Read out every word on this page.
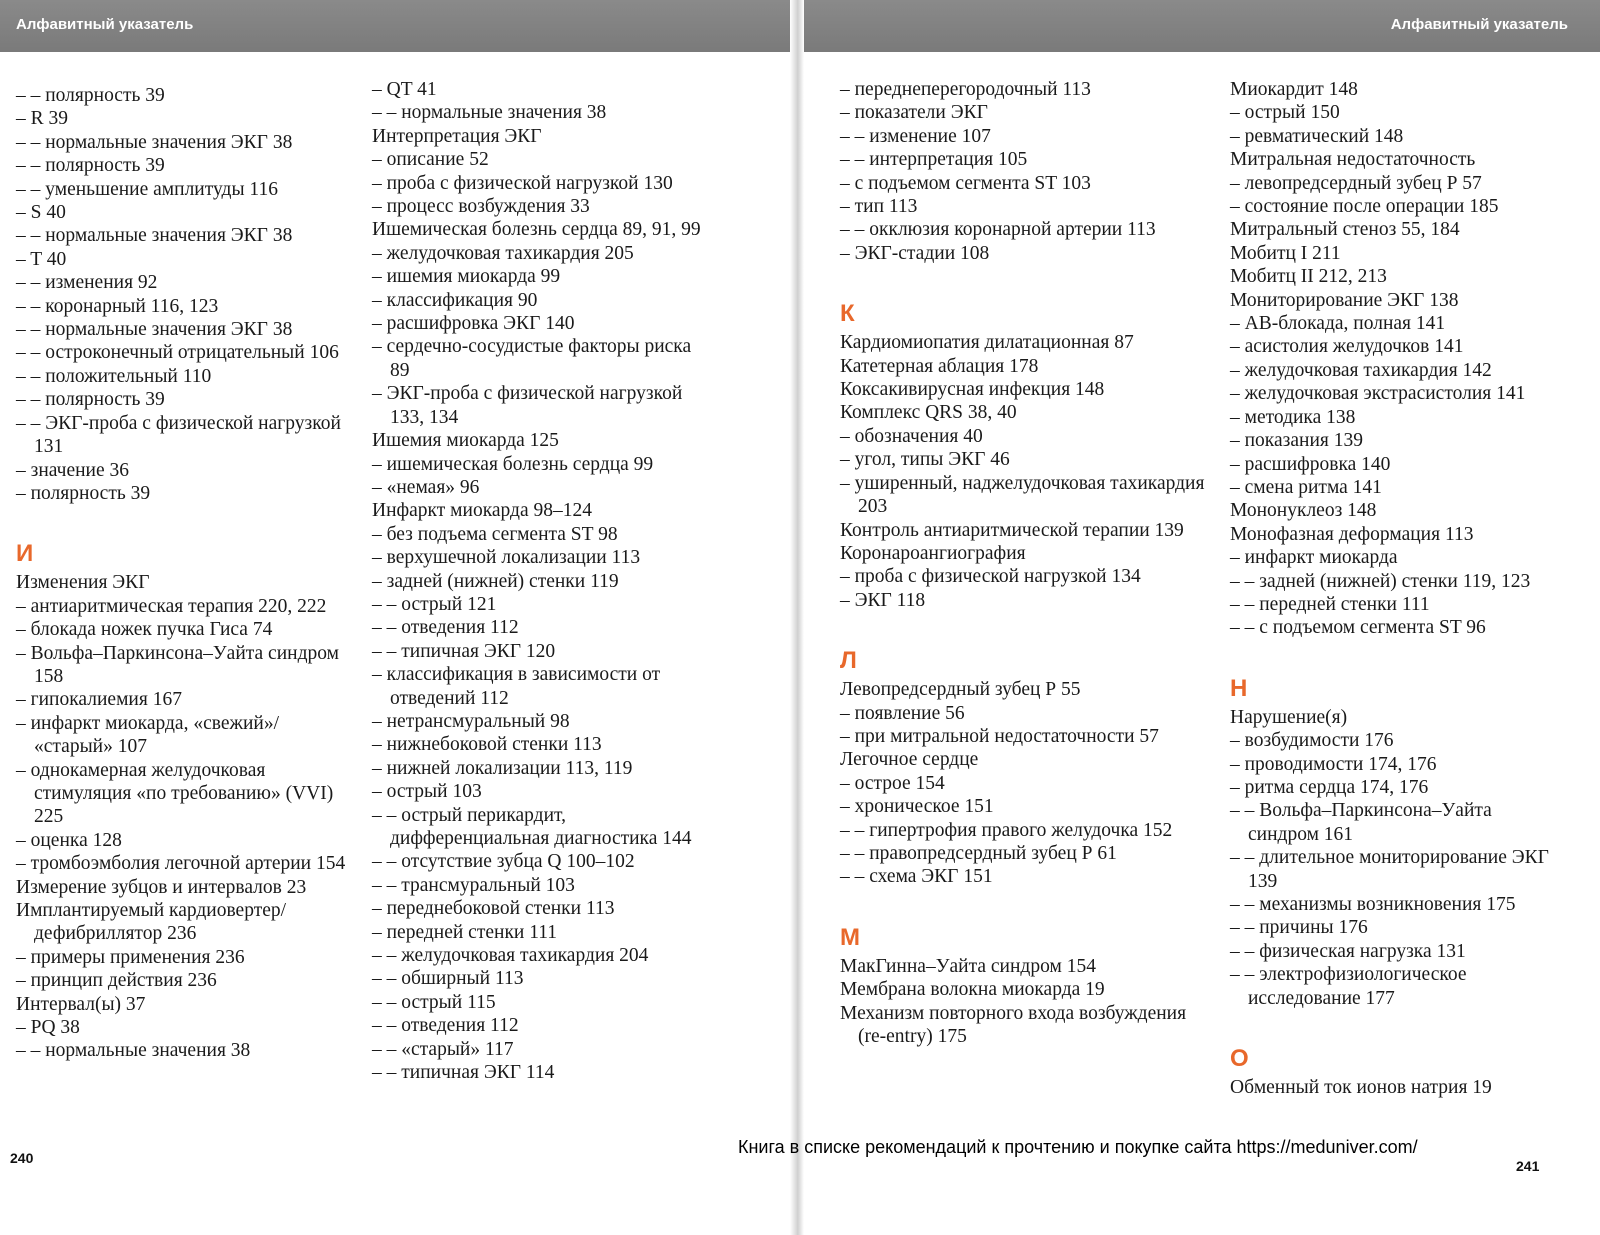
Алфавитный указатель	Алфавитный указатель
– – полярность 39
– R 39
– – нормальные значения ЭКГ 38
– – полярность 39
– – уменьшение амплитуды 116
– S 40
– – нормальные значения ЭКГ 38
– T 40
– – изменения 92
– – коронарный 116, 123
– – нормальные значения ЭКГ 38
– – остроконечный отрицательный 106
– – положительный 110
– – полярность 39
– – ЭКГ-проба с физической нагрузкой 131
– значение 36
– полярность 39
И
Изменения ЭКГ
– антиаритмическая терапия 220, 222
– блокада ножек пучка Гиса 74
– Вольфа–Паркинсона–Уайта синдром 158
– гипокалиемия 167
– инфаркт миокарда, «свежий»/ «старый» 107
– однокамерная желудочковая стимуляция «по требованию» (VVI) 225
– оценка 128
– тромбоэмболия легочной артерии 154
Измерение зубцов и интервалов 23
Имплантируемый кардиовертер/ дефибриллятор 236
– примеры применения 236
– принцип действия 236
Интервал(ы) 37
– PQ 38
– – нормальные значения 38
– QT 41
– – нормальные значения 38
Интерпретация ЭКГ
– описание 52
– проба с физической нагрузкой 130
– процесс возбуждения 33
Ишемическая болезнь сердца 89, 91, 99
– желудочковая тахикардия 205
– ишемия миокарда 99
– классификация 90
– расшифровка ЭКГ 140
– сердечно-сосудистые факторы риска 89
– ЭКГ-проба с физической нагрузкой 133, 134
Ишемия миокарда 125
– ишемическая болезнь сердца 99
– «немая» 96
Инфаркт миокарда 98–124
– без подъема сегмента ST 98
– верхушечной локализации 113
– задней (нижней) стенки 119
– – острый 121
– – отведения 112
– – типичная ЭКГ 120
– классификация в зависимости от отведений 112
– нетрансмуральный 98
– нижнебоковой стенки 113
– нижней локализации 113, 119
– острый 103
– – острый перикардит, дифференциальная диагностика 144
– – отсутствие зубца Q 100–102
– – трансмуральный 103
– переднебоковой стенки 113
– передней стенки 111
– – желудочковая тахикардия 204
– – обширный 113
– – острый 115
– – отведения 112
– – «старый» 117
– – типичная ЭКГ 114
– переднеперегородочный 113
– показатели ЭКГ
– – изменение 107
– – интерпретация 105
– с подъемом сегмента ST 103
– тип 113
– – окклюзия коронарной артерии 113
– ЭКГ-стадии 108
К
Кардиомиопатия дилатационная 87
Катетерная аблация 178
Коксакивирусная инфекция 148
Комплекс QRS 38, 40
– обозначения 40
– угол, типы ЭКГ 46
– уширенный, наджелудочковая тахикардия 203
Контроль антиаритмической терапии 139
Коронароангиография
– проба с физической нагрузкой 134
– ЭКГ 118
Л
Левопредсердный зубец Р 55
– появление 56
– при митральной недостаточности 57
Легочное сердце
– острое 154
– хроническое 151
– – гипертрофия правого желудочка 152
– – правопредсердный зубец Р 61
– – схема ЭКГ 151
М
МакГинна–Уайта синдром 154
Мембрана волокна миокарда 19
Механизм повторного входа возбуждения (re-entry) 175
Миокардит 148
– острый 150
– ревматический 148
Митральная недостаточность
– левопредсердный зубец Р 57
– состояние после операции 185
Митральный стеноз 55, 184
Мобитц I 211
Мобитц II 212, 213
Мониторирование ЭКГ 138
– АВ-блокада, полная 141
– асистолия желудочков 141
– желудочковая тахикардия 142
– желудочковая экстрасистолия 141
– методика 138
– показания 139
– расшифровка 140
– смена ритма 141
Мононуклеоз 148
Монофазная деформация 113
– инфаркт миокарда
– – задней (нижней) стенки 119, 123
– – передней стенки 111
– – с подъемом сегмента ST 96
Н
Нарушение(я)
– возбудимости 176
– проводимости 174, 176
– ритма сердца 174, 176
– – Вольфа–Паркинсона–Уайта синдром 161
– – длительное мониторирование ЭКГ 139
– – механизмы возникновения 175
– – причины 176
– – физическая нагрузка 131
– – электрофизиологическое исследование 177
О
Обменный ток ионов натрия 19
240	241
Книга в списке рекомендаций к прочтению и покупке сайта https://meduniver.com/
